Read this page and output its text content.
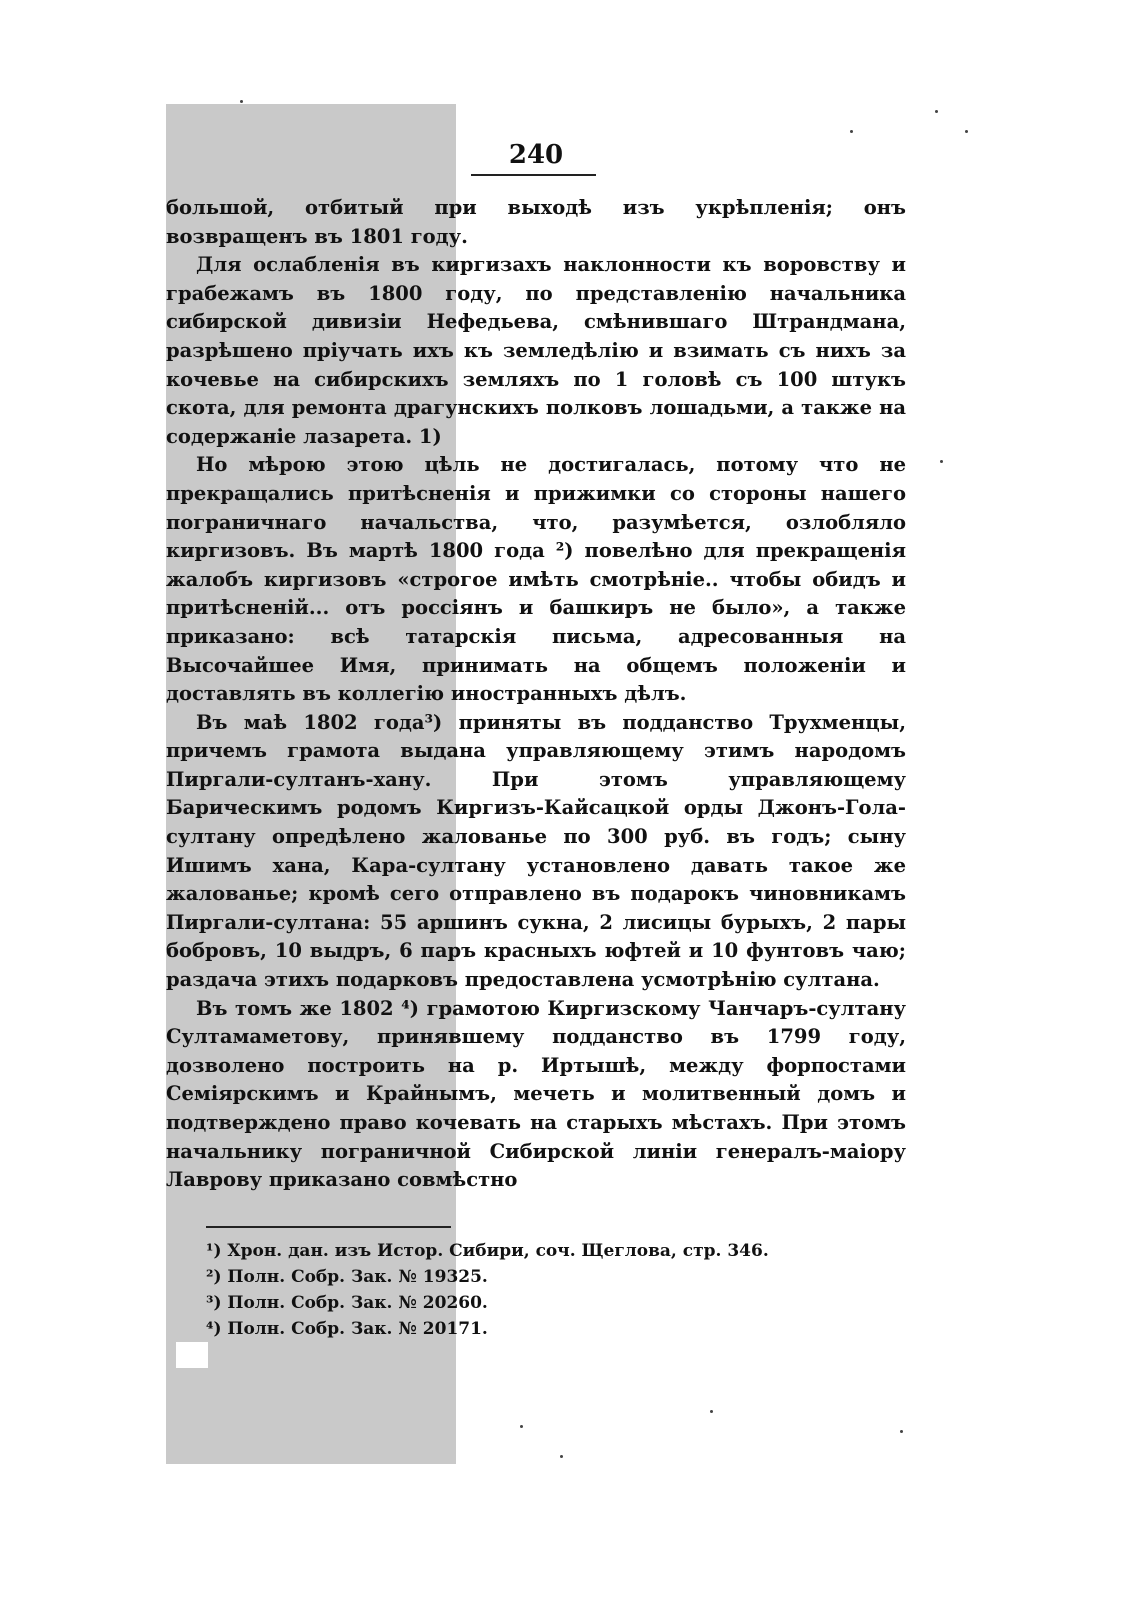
240

большой, отбитый при выходѣ изъ укрѣпленія; онъ возвращенъ въ 1801 году.

Для ослабленія въ киргизахъ наклонности къ воровству и грабежамъ въ 1800 году, по представленію начальника сибирской дивизіи Нефедьева, смѣнившаго Штрандмана, разрѣшено пріучать ихъ къ земледѣлію и взимать съ нихъ за кочевье на сибирскихъ земляхъ по 1 головѣ съ 100 штукъ скота, для ремонта драгунскихъ полковъ лошадьми, а также на содержаніе лазарета. 1)

Но мѣрою этою цѣль не достигалась, потому что не прекращались притѣсненія и прижимки со стороны нашего пограничнаго начальства, что, разумѣется, озлобляло киргизовъ. Въ мартѣ 1800 года ²) повелѣно для прекращенія жалобъ киргизовъ «строгое имѣть смотрѣніе.. чтобы обидъ и притѣсненій... отъ россіянъ и башкиръ не было», а также приказано: всѣ татарскія письма, адресованныя на Высочайшее Имя, принимать на общемъ положеніи и доставлять въ коллегію иностранныхъ дѣлъ.

Въ маѣ 1802 года³) приняты въ подданство Трухменцы, причемъ грамота выдана управляющему этимъ народомъ Пиргали-султанъ-хану. При этомъ управляющему Барическимъ родомъ Киргизъ-Кайсацкой орды Джонъ-Гола-султану опредѣлено жалованье по 300 руб. въ годъ; сыну Ишимъ хана, Кара-султану установлено давать такое же жалованье; кромѣ сего отправлено въ подарокъ чиновникамъ Пиргали-султана: 55 аршинъ сукна, 2 лисицы бурыхъ, 2 пары бобровъ, 10 выдръ, 6 паръ красныхъ юфтей и 10 фунтовъ чаю; раздача этихъ подарковъ предоставлена усмотрѣнію султана.

Въ томъ же 1802 ⁴) грамотою Киргизскому Чанчаръ-султану Султамаметову, принявшему подданство въ 1799 году, дозволено построить на р. Иртышѣ, между форпостами Семіярскимъ и Крайнымъ, мечеть и молитвенный домъ и подтверждено право кочевать на старыхъ мѣстахъ. При этомъ начальнику пограничной Сибирской линіи генералъ-маіору Лаврову приказано совмѣстно

¹) Хрон. дан. изъ Истор. Сибири, соч. Щеглова, стр. 346.

²) Полн. Собр. Зак. № 19325.

³) Полн. Собр. Зак. № 20260.

⁴) Полн. Собр. Зак. № 20171.
